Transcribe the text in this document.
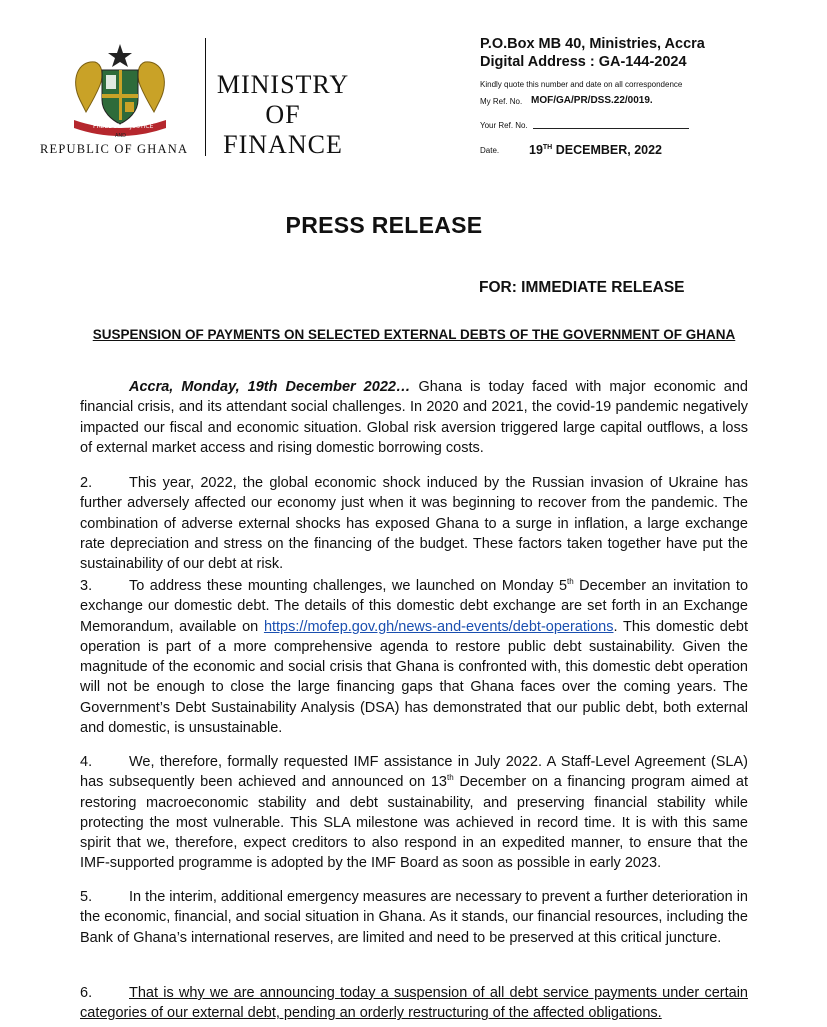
FREEDOM JUSTICE
AND
REPUBLIC OF GHANA
MINISTRY
OF
FINANCE
P.O.Box MB 40, Ministries, Accra
Digital Address : GA-144-2024
Kindly quote this number and date on all correspondence
My Ref. No. MOF/GA/PR/DSS.22/0019.
Your Ref. No.
Date. 19TH DECEMBER, 2022
PRESS RELEASE
FOR: IMMEDIATE RELEASE
SUSPENSION OF PAYMENTS ON SELECTED EXTERNAL DEBTS OF THE GOVERNMENT OF GHANA
Accra, Monday, 19th December 2022… Ghana is today faced with major economic and financial crisis, and its attendant social challenges. In 2020 and 2021, the covid-19 pandemic negatively impacted our fiscal and economic situation. Global risk aversion triggered large capital outflows, a loss of external market access and rising domestic borrowing costs.
2.	This year, 2022, the global economic shock induced by the Russian invasion of Ukraine has further adversely affected our economy just when it was beginning to recover from the pandemic. The combination of adverse external shocks has exposed Ghana to a surge in inflation, a large exchange rate depreciation and stress on the financing of the budget. These factors taken together have put the sustainability of our debt at risk.
3.	To address these mounting challenges, we launched on Monday 5th December an invitation to exchange our domestic debt. The details of this domestic debt exchange are set forth in an Exchange Memorandum, available on https://mofep.gov.gh/news-and-events/debt-operations. This domestic debt operation is part of a more comprehensive agenda to restore public debt sustainability. Given the magnitude of the economic and social crisis that Ghana is confronted with, this domestic debt operation will not be enough to close the large financing gaps that Ghana faces over the coming years. The Government’s Debt Sustainability Analysis (DSA) has demonstrated that our public debt, both external and domestic, is unsustainable.
4.	We, therefore, formally requested IMF assistance in July 2022. A Staff-Level Agreement (SLA) has subsequently been achieved and announced on 13th December on a financing program aimed at restoring macroeconomic stability and debt sustainability, and preserving financial stability while protecting the most vulnerable. This SLA milestone was achieved in record time. It is with this same spirit that we, therefore, expect creditors to also respond in an expedited manner, to ensure that the IMF-supported programme is adopted by the IMF Board as soon as possible in early 2023.
5.	In the interim, additional emergency measures are necessary to prevent a further deterioration in the economic, financial, and social situation in Ghana. As it stands, our financial resources, including the Bank of Ghana’s international reserves, are limited and need to be preserved at this critical juncture.
6.	That is why we are announcing today a suspension of all debt service payments under certain categories of our external debt, pending an orderly restructuring of the affected obligations.
